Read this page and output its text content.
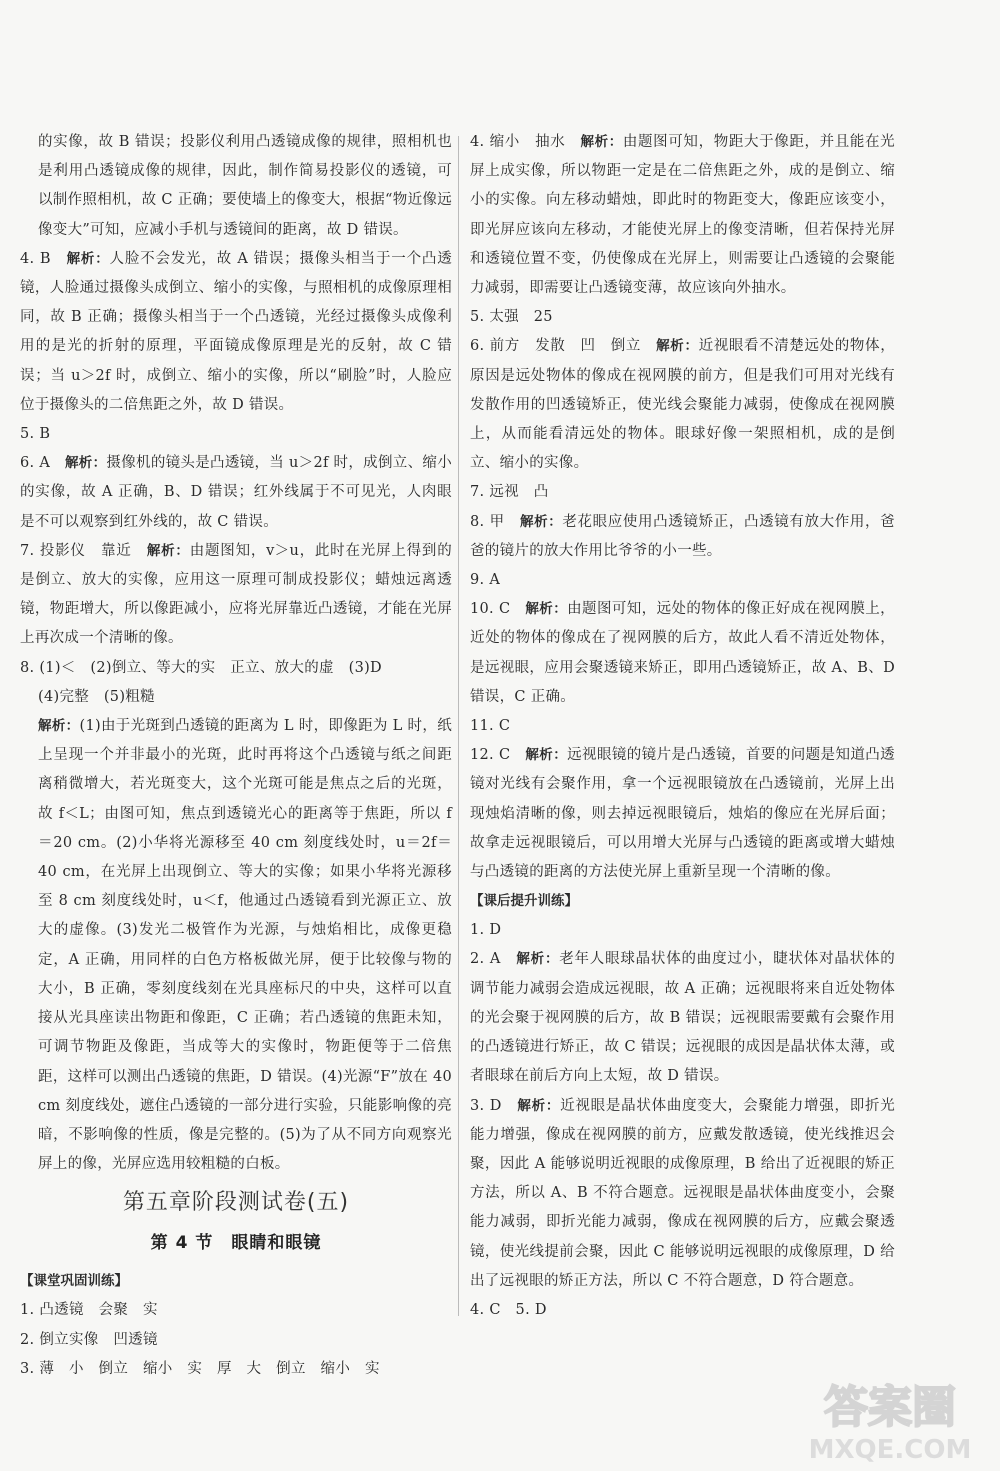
的实像，故 B 错误；投影仪利用凸透镜成像的规律，照相机也是利用凸透镜成像的规律，因此，制作简易投影仪的透镜，可以制作照相机，故 C 正确；要使墙上的像变大，根据“物近像远像变大”可知，应减小手机与透镜间的距离，故 D 错误。

4. B　解析：人脸不会发光，故 A 错误；摄像头相当于一个凸透镜，人脸通过摄像头成倒立、缩小的实像，与照相机的成像原理相同，故 B 正确；摄像头相当于一个凸透镜，光经过摄像头成像利用的是光的折射的原理，平面镜成像原理是光的反射，故 C 错误；当 u＞2f 时，成倒立、缩小的实像，所以“刷脸”时，人脸应位于摄像头的二倍焦距之外，故 D 错误。

5. B

6. A　解析：摄像机的镜头是凸透镜，当 u＞2f 时，成倒立、缩小的实像，故 A 正确，B、D 错误；红外线属于不可见光，人肉眼是不可以观察到红外线的，故 C 错误。

7. 投影仪　靠近　解析：由题图知，v＞u，此时在光屏上得到的是倒立、放大的实像，应用这一原理可制成投影仪；蜡烛远离透镜，物距增大，所以像距减小，应将光屏靠近凸透镜，才能在光屏上再次成一个清晰的像。

8. (1)＜　(2)倒立、等大的实　正立、放大的虚　(3)D

(4)完整　(5)粗糙

解析：(1)由于光斑到凸透镜的距离为 L 时，即像距为 L 时，纸上呈现一个并非最小的光斑，此时再将这个凸透镜与纸之间距离稍微增大，若光斑变大，这个光斑可能是焦点之后的光斑，故 f＜L；由图可知，焦点到透镜光心的距离等于焦距，所以 f＝20 cm。(2)小华将光源移至 40 cm 刻度线处时，u＝2f＝40 cm，在光屏上出现倒立、等大的实像；如果小华将光源移至 8 cm 刻度线处时，u＜f，他通过凸透镜看到光源正立、放大的虚像。(3)发光二极管作为光源，与烛焰相比，成像更稳定，A 正确，用同样的白色方格板做光屏，便于比较像与物的大小，B 正确，零刻度线刻在光具座标尺的中央，这样可以直接从光具座读出物距和像距，C 正确；若凸透镜的焦距未知，可调节物距及像距，当成等大的实像时，物距便等于二倍焦距，这样可以测出凸透镜的焦距，D 错误。(4)光源“F”放在 40 cm 刻度线处，遮住凸透镜的一部分进行实验，只能影响像的亮暗，不影响像的性质，像是完整的。(5)为了从不同方向观察光屏上的像，光屏应选用较粗糙的白板。

第五章阶段测试卷(五)
第 4 节　眼睛和眼镜

【课堂巩固训练】

1. 凸透镜　会聚　实

2. 倒立实像　凹透镜

3. 薄　小　倒立　缩小　实　厚　大　倒立　缩小　实

4. 缩小　抽水　解析：由题图可知，物距大于像距，并且能在光屏上成实像，所以物距一定是在二倍焦距之外，成的是倒立、缩小的实像。向左移动蜡烛，即此时的物距变大，像距应该变小，即光屏应该向左移动，才能使光屏上的像变清晰，但若保持光屏和透镜位置不变，仍使像成在光屏上，则需要让凸透镜的会聚能力减弱，即需要让凸透镜变薄，故应该向外抽水。

5. 太强　25

6. 前方　发散　凹　倒立　解析：近视眼看不清楚远处的物体，原因是远处物体的像成在视网膜的前方，但是我们可用对光线有发散作用的凹透镜矫正，使光线会聚能力减弱，使像成在视网膜上，从而能看清远处的物体。眼球好像一架照相机，成的是倒立、缩小的实像。

7. 远视　凸

8. 甲　解析：老花眼应使用凸透镜矫正，凸透镜有放大作用，爸爸的镜片的放大作用比爷爷的小一些。

9. A

10. C　解析：由题图可知，远处的物体的像正好成在视网膜上，近处的物体的像成在了视网膜的后方，故此人看不清近处物体，是远视眼，应用会聚透镜来矫正，即用凸透镜矫正，故 A、B、D 错误，C 正确。

11. C

12. C　解析：远视眼镜的镜片是凸透镜，首要的问题是知道凸透镜对光线有会聚作用，拿一个远视眼镜放在凸透镜前，光屏上出现烛焰清晰的像，则去掉远视眼镜后，烛焰的像应在光屏后面；故拿走远视眼镜后，可以用增大光屏与凸透镜的距离或增大蜡烛与凸透镜的距离的方法使光屏上重新呈现一个清晰的像。

【课后提升训练】

1. D

2. A　解析：老年人眼球晶状体的曲度过小，睫状体对晶状体的调节能力减弱会造成远视眼，故 A 正确；远视眼将来自近处物体的光会聚于视网膜的后方，故 B 错误；远视眼需要戴有会聚作用的凸透镜进行矫正，故 C 错误；远视眼的成因是晶状体太薄，或者眼球在前后方向上太短，故 D 错误。

3. D　解析：近视眼是晶状体曲度变大，会聚能力增强，即折光能力增强，像成在视网膜的前方，应戴发散透镜，使光线推迟会聚，因此 A 能够说明近视眼的成像原理，B 给出了近视眼的矫正方法，所以 A、B 不符合题意。远视眼是晶状体曲度变小，会聚能力减弱，即折光能力减弱，像成在视网膜的后方，应戴会聚透镜，使光线提前会聚，因此 C 能够说明远视眼的成像原理，D 给出了远视眼的矫正方法，所以 C 不符合题意，D 符合题意。

4. C　5. D

答案圈
MXQE.COM
